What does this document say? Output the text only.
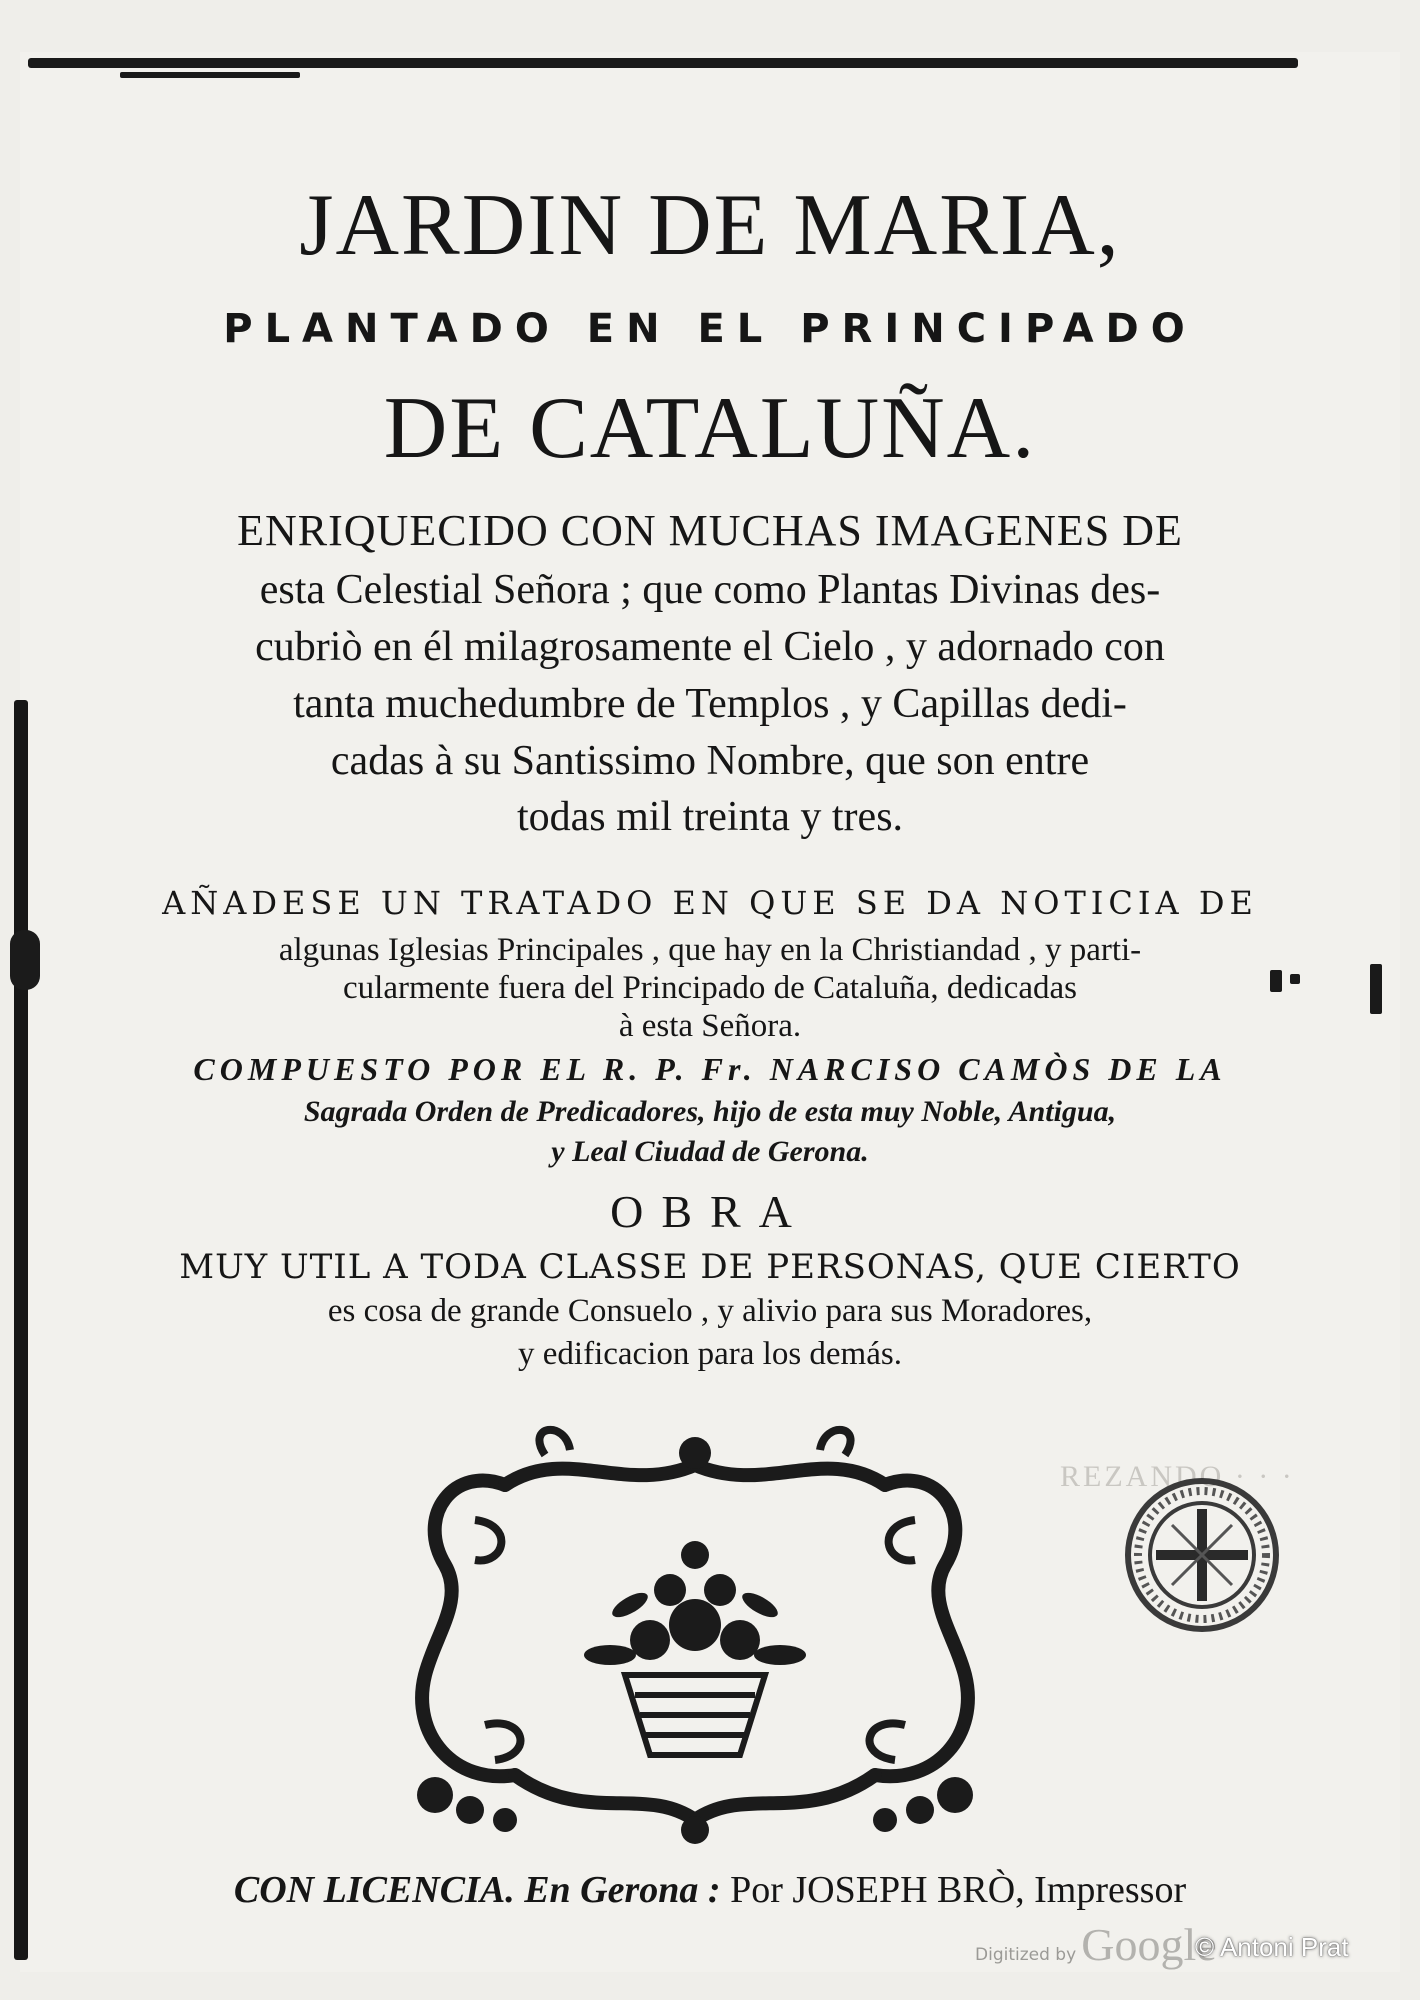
JARDIN DE MARIA,
PLANTADO EN EL PRINCIPADO
DE CATALUÑA.
ENRIQUECIDO CON MUCHAS IMAGENES DE
esta Celestial Señora ; que como Plantas Divinas des-
cubriò en él milagrosamente el Cielo , y adornado con
tanta muchedumbre de Templos , y Capillas dedi-
cadas à su Santissimo Nombre, que son entre
todas mil treinta y tres.
AÑADESE UN TRATADO EN QUE SE DA NOTICIA DE
algunas Iglesias Principales , que hay en la Christiandad , y parti-
cularmente fuera del Principado de Cataluña, dedicadas
à esta Señora.
COMPUESTO POR EL R. P. Fr. NARCISO CAMÒS DE LA
Sagrada Orden de Predicadores, hijo de esta muy Noble, Antigua,
y Leal Ciudad de Gerona.
OBRA
MUY UTIL A TODA CLASSE DE PERSONAS, QUE CIERTO
es cosa de grande Consuelo , y alivio para sus Moradores,
y edificacion para los demás.
REZANDO · · ·
CON LICENCIA. En Gerona : Por JOSEPH BRÒ, Impressor
Digitized by Google
© Antoni Prat
